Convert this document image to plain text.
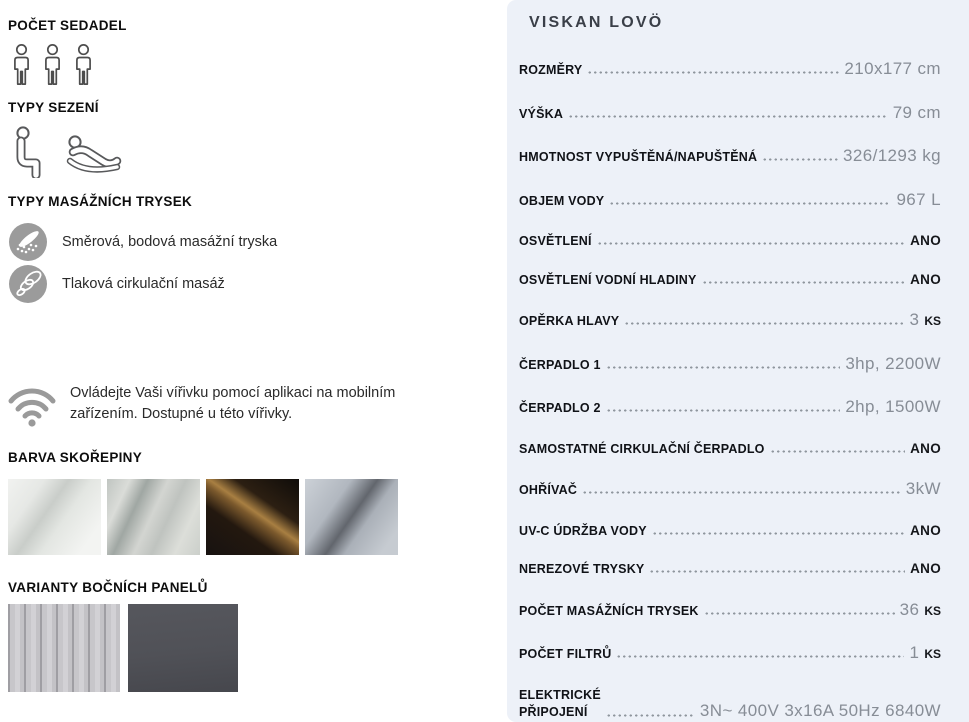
POČET SEDADEL
TYPY SEZENÍ
TYPY MASÁŽNÍCH TRYSEK
Směrová, bodová masážní tryska
Tlaková cirkulační masáž
Ovládejte Vaši vířivku pomocí aplikaci na mobilním zařízením. Dostupné u této vířivky.
BARVA SKOŘEPINY
VARIANTY BOČNÍCH PANELŮ
VISKAN LOVÖ
ROZMĚRY	210x177 cm
VÝŠKA	79 cm
HMOTNOST VYPUŠTĚNÁ/NAPUŠTĚNÁ	326/1293 kg
OBJEM VODY	967 L
OSVĚTLENÍ	ANO
OSVĚTLENÍ VODNÍ HLADINY	ANO
OPĚRKA HLAVY	3 KS
ČERPADLO 1	3hp, 2200W
ČERPADLO 2	2hp, 1500W
SAMOSTATNÉ CIRKULAČNÍ ČERPADLO	ANO
OHŘÍVAČ	3kW
UV-C ÚDRŽBA VODY	ANO
NEREZOVÉ TRYSKY	ANO
POČET MASÁŽNÍCH TRYSEK	36 KS
POČET FILTRŮ	1 KS
ELEKTRICKÉ
PŘIPOJENÍ	3N~ 400V 3x16A 50Hz 6840W
